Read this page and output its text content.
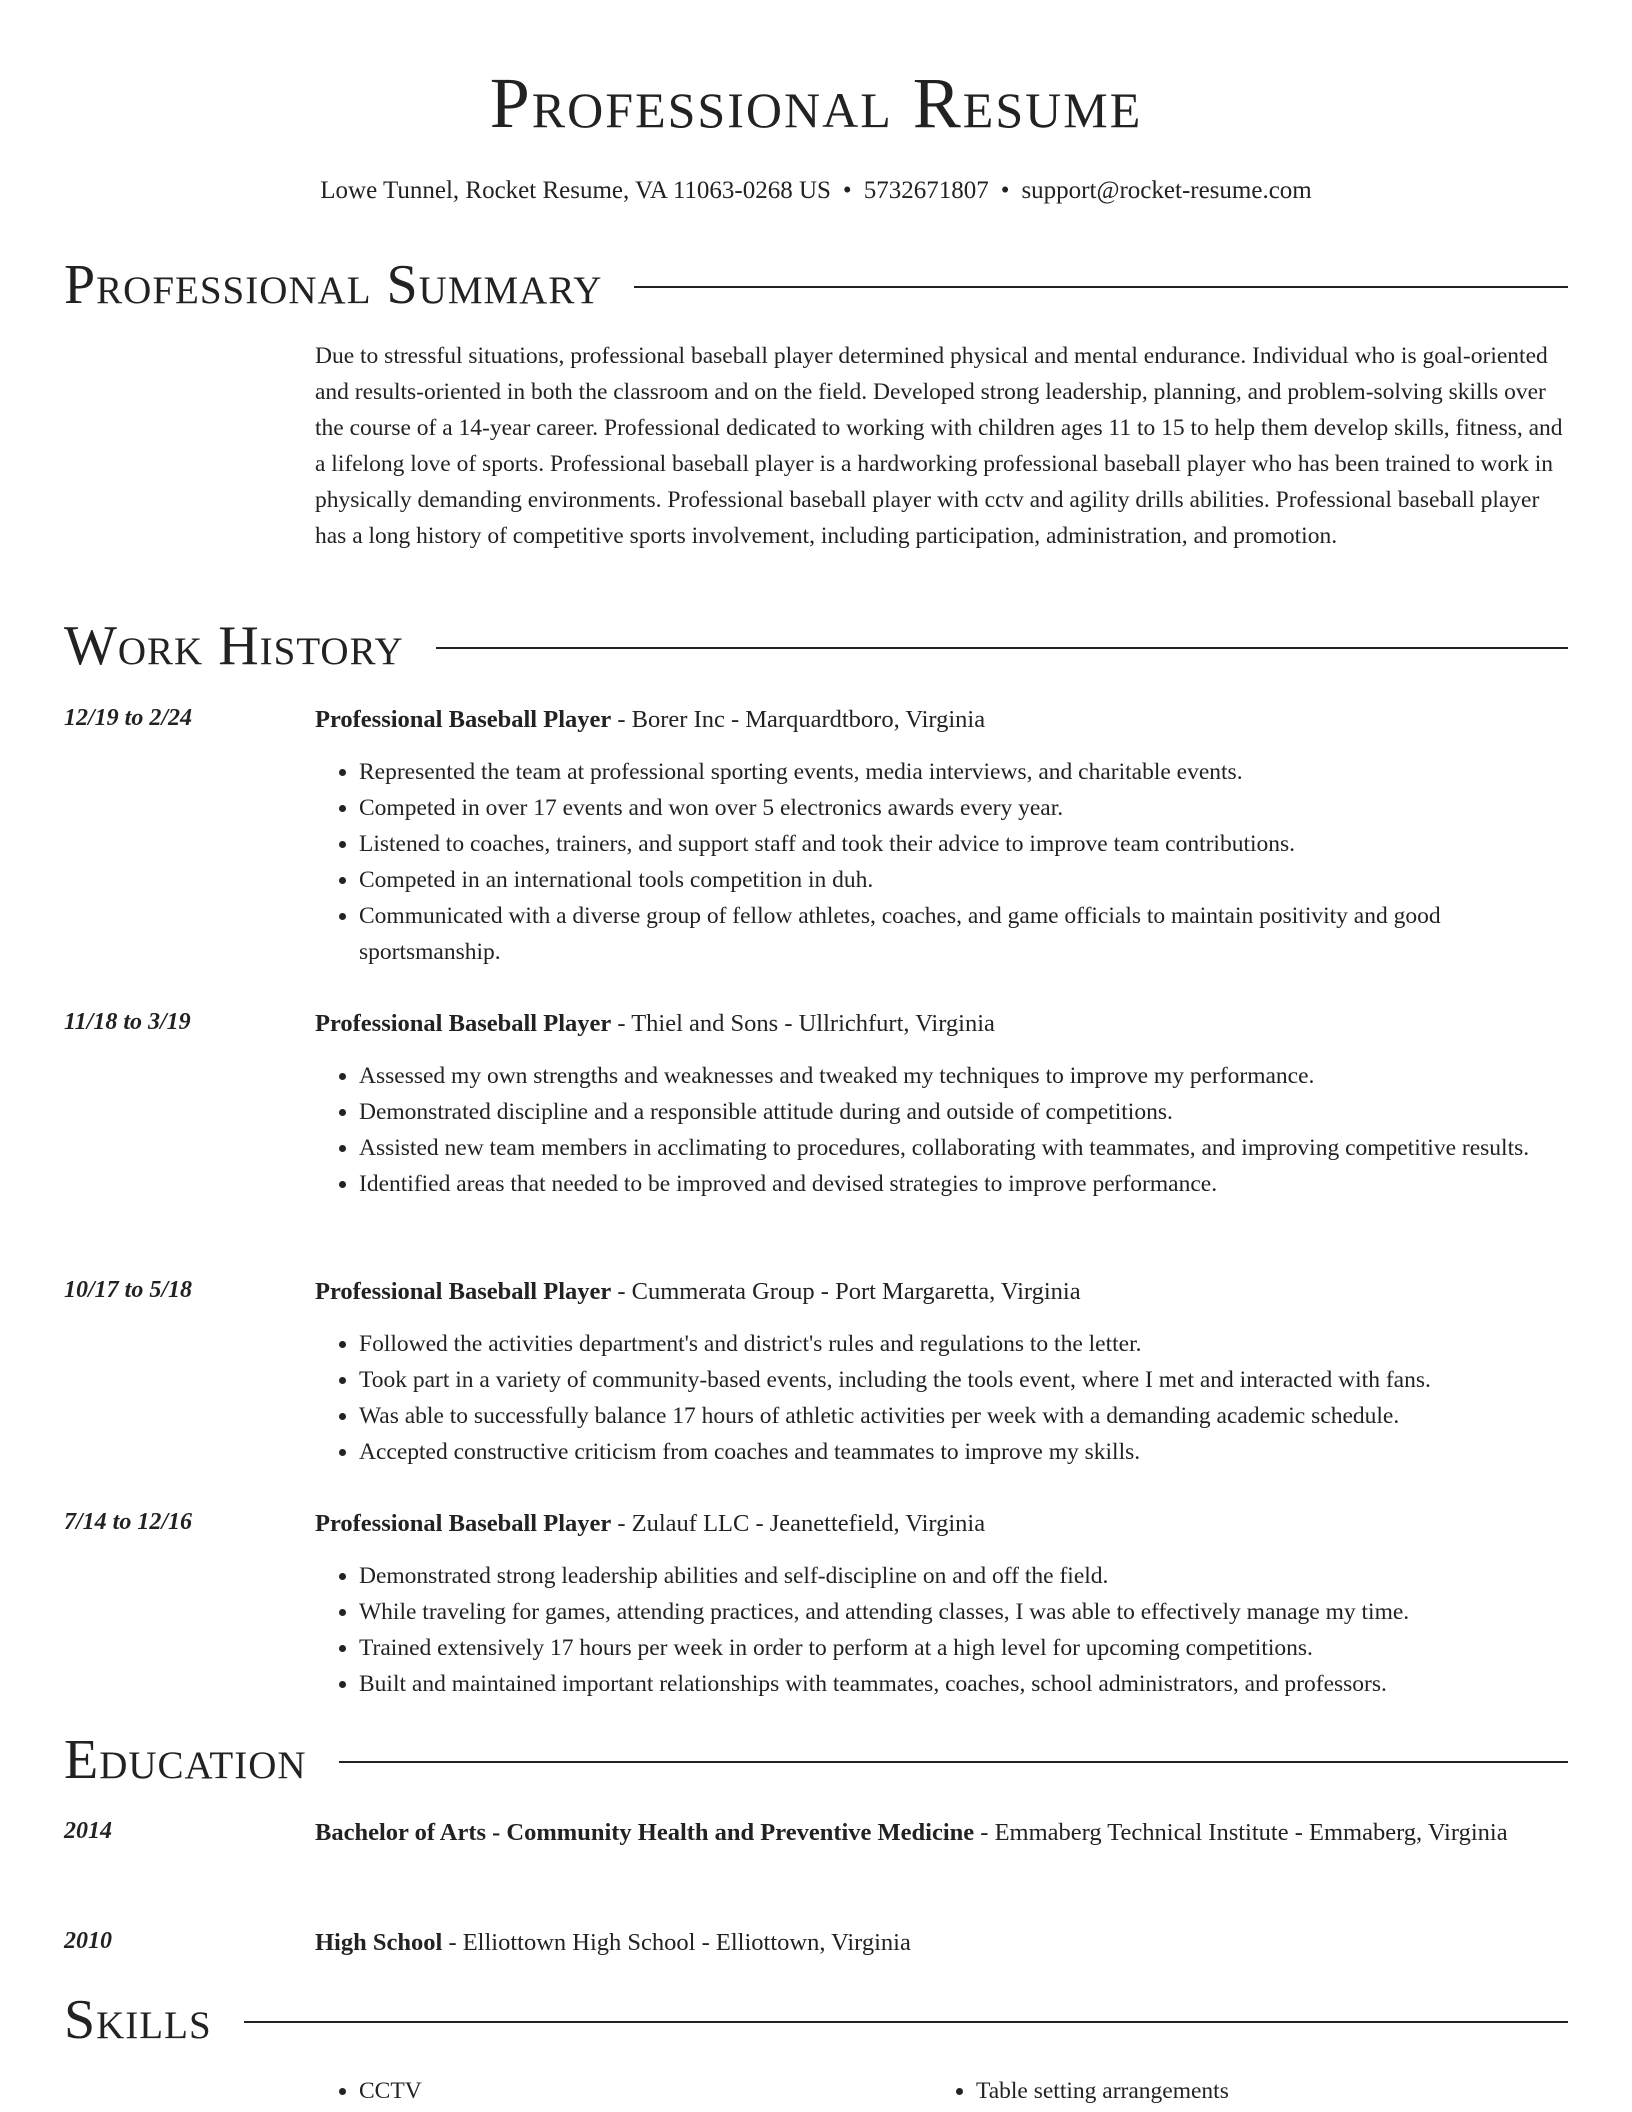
Professional Resume
Lowe Tunnel, Rocket Resume, VA 11063-0268 US • 5732671807 • support@rocket-resume.com
Professional Summary

Due to stressful situations, professional baseball player determined physical and mental endurance. Individual who is goal-oriented and results-oriented in both the classroom and on the field. Developed strong leadership, planning, and problem-solving skills over the course of a 14-year career. Professional dedicated to working with children ages 11 to 15 to help them develop skills, fitness, and a lifelong love of sports. Professional baseball player is a hardworking professional baseball player who has been trained to work in physically demanding environments. Professional baseball player with cctv and agility drills abilities. Professional baseball player has a long history of competitive sports involvement, including participation, administration, and promotion.

Work History
12/19 to 2/24	Professional Baseball Player - Borer Inc - Marquardtboro, Virginia
• Represented the team at professional sporting events, media interviews, and charitable events.
• Competed in over 17 events and won over 5 electronics awards every year.
• Listened to coaches, trainers, and support staff and took their advice to improve team contributions.
• Competed in an international tools competition in duh.
• Communicated with a diverse group of fellow athletes, coaches, and game officials to maintain positivity and good sportsmanship.
11/18 to 3/19	Professional Baseball Player - Thiel and Sons - Ullrichfurt, Virginia
• Assessed my own strengths and weaknesses and tweaked my techniques to improve my performance.
• Demonstrated discipline and a responsible attitude during and outside of competitions.
• Assisted new team members in acclimating to procedures, collaborating with teammates, and improving competitive results.
• Identified areas that needed to be improved and devised strategies to improve performance.
10/17 to 5/18	Professional Baseball Player - Cummerata Group - Port Margaretta, Virginia
• Followed the activities department's and district's rules and regulations to the letter.
• Took part in a variety of community-based events, including the tools event, where I met and interacted with fans.
• Was able to successfully balance 17 hours of athletic activities per week with a demanding academic schedule.
• Accepted constructive criticism from coaches and teammates to improve my skills.
7/14 to 12/16	Professional Baseball Player - Zulauf LLC - Jeanettefield, Virginia
• Demonstrated strong leadership abilities and self-discipline on and off the field.
• While traveling for games, attending practices, and attending classes, I was able to effectively manage my time.
• Trained extensively 17 hours per week in order to perform at a high level for upcoming competitions.
• Built and maintained important relationships with teammates, coaches, school administrators, and professors.
Education
2014	Bachelor of Arts - Community Health and Preventive Medicine - Emmaberg Technical Institute - Emmaberg, Virginia
2010	High School - Elliottown High School - Elliottown, Virginia
Skills
• CCTV
•	Table setting arrangements
